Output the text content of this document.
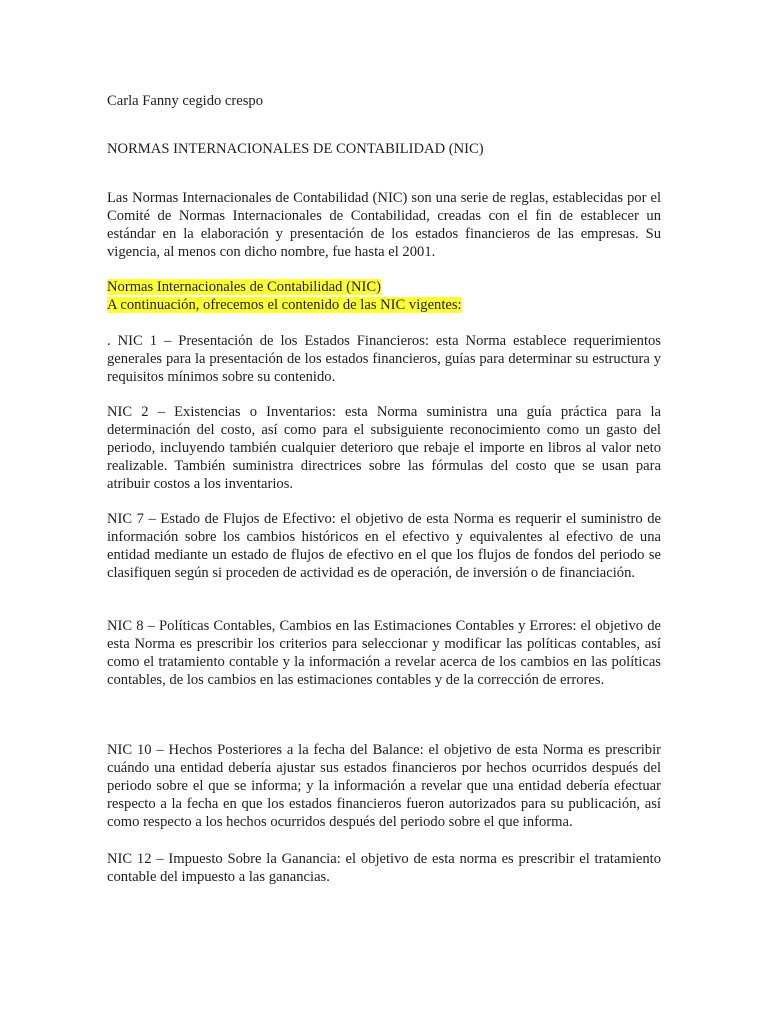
Carla Fanny cegido crespo

NORMAS INTERNACIONALES DE CONTABILIDAD (NIC)

Las Normas Internacionales de Contabilidad (NIC) son una serie de reglas, establecidas por el Comité de Normas Internacionales de Contabilidad, creadas con el fin de establecer un estándar en la elaboración y presentación de los estados financieros de las empresas. Su vigencia, al menos con dicho nombre, fue hasta el 2001.

Normas Internacionales de Contabilidad (NIC)
A continuación, ofrecemos el contenido de las NIC vigentes:

. NIC 1 – Presentación de los Estados Financieros: esta Norma establece requerimientos generales para la presentación de los estados financieros, guías para determinar su estructura y requisitos mínimos sobre su contenido.

NIC 2 – Existencias o Inventarios: esta Norma suministra una guía práctica para la determinación del costo, así como para el subsiguiente reconocimiento como un gasto del periodo, incluyendo también cualquier deterioro que rebaje el importe en libros al valor neto realizable. También suministra directrices sobre las fórmulas del costo que se usan para atribuir costos a los inventarios.

NIC 7 – Estado de Flujos de Efectivo: el objetivo de esta Norma es requerir el suministro de información sobre los cambios históricos en el efectivo y equivalentes al efectivo de una entidad mediante un estado de flujos de efectivo en el que los flujos de fondos del periodo se clasifiquen según si proceden de actividad es de operación, de inversión o de financiación.

NIC 8 – Políticas Contables, Cambios en las Estimaciones Contables y Errores: el objetivo de esta Norma es prescribir los criterios para seleccionar y modificar las políticas contables, así como el tratamiento contable y la información a revelar acerca de los cambios en las políticas contables, de los cambios en las estimaciones contables y de la corrección de errores.

NIC 10 – Hechos Posteriores a la fecha del Balance: el objetivo de esta Norma es prescribir cuándo una entidad debería ajustar sus estados financieros por hechos ocurridos después del periodo sobre el que se informa; y la información a revelar que una entidad debería efectuar respecto a la fecha en que los estados financieros fueron autorizados para su publicación, así como respecto a los hechos ocurridos después del periodo sobre el que informa.

NIC 12 – Impuesto Sobre la Ganancia: el objetivo de esta norma es prescribir el tratamiento contable del impuesto a las ganancias.
